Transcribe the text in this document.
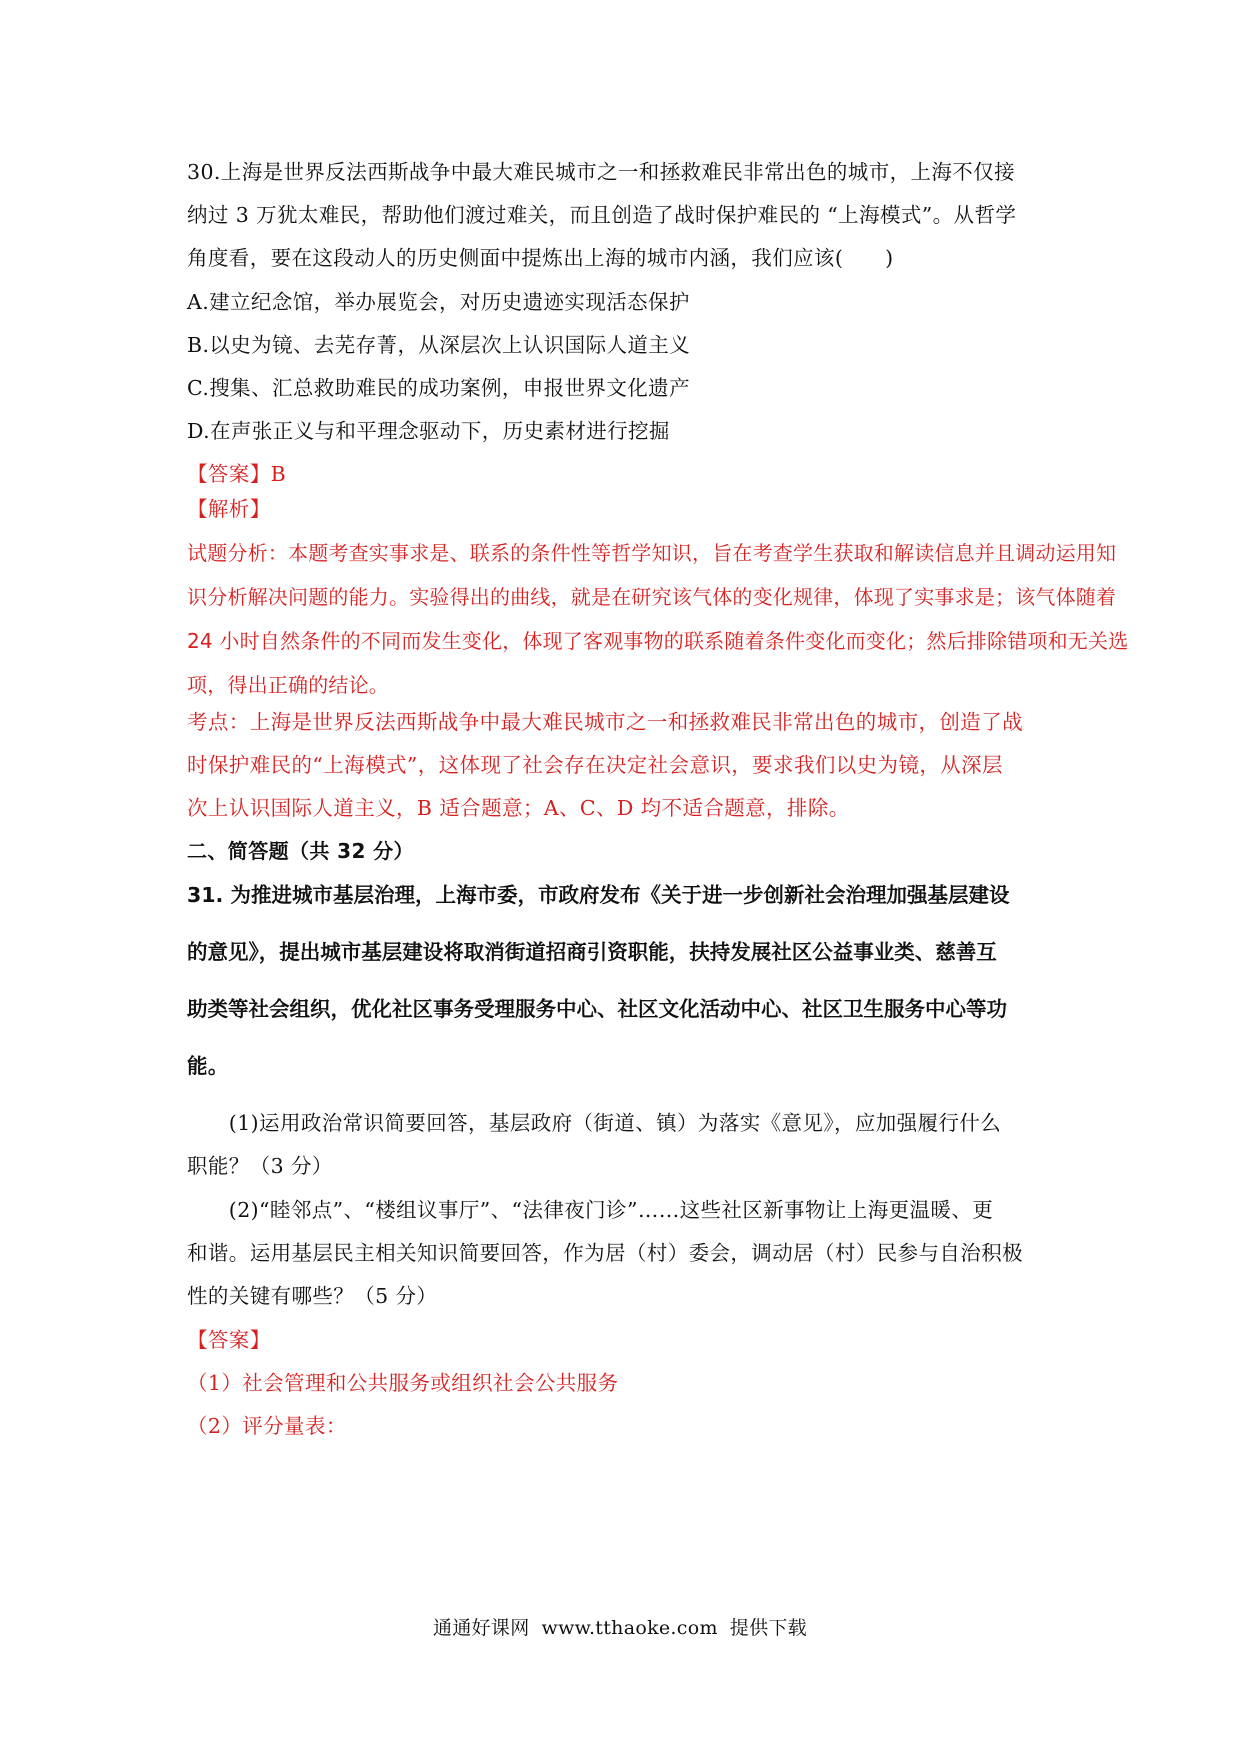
30.上海是世界反法西斯战争中最大难民城市之一和拯救难民非常出色的城市，上海不仅接
纳过 3 万犹太难民，帮助他们渡过难关，而且创造了战时保护难民的 “上海模式”。从哲学
角度看，要在这段动人的历史侧面中提炼出上海的城市内涵，我们应该(　　)
A.建立纪念馆，举办展览会，对历史遗迹实现活态保护
B.以史为镜、去芜存菁，从深层次上认识国际人道主义
C.搜集、汇总救助难民的成功案例，申报世界文化遗产
D.在声张正义与和平理念驱动下，历史素材进行挖掘
【答案】B
【解析】
试题分析：本题考查实事求是、联系的条件性等哲学知识，旨在考查学生获取和解读信息并且调动运用知
识分析解决问题的能力。实验得出的曲线，就是在研究该气体的变化规律，体现了实事求是；该气体随着
24 小时自然条件的不同而发生变化，体现了客观事物的联系随着条件变化而变化；然后排除错项和无关选
项，得出正确的结论。
考点：上海是世界反法西斯战争中最大难民城市之一和拯救难民非常出色的城市，创造了战
时保护难民的“上海模式”，这体现了社会存在决定社会意识，要求我们以史为镜，从深层
次上认识国际人道主义，B 适合题意；A、C、D 均不适合题意，排除。
二、简答题（共 32 分）
31. 为推进城市基层治理，上海市委，市政府发布《关于进一步创新社会治理加强基层建设
的意见》，提出城市基层建设将取消街道招商引资职能，扶持发展社区公益事业类、慈善互
助类等社会组织，优化社区事务受理服务中心、社区文化活动中心、社区卫生服务中心等功
能。
　　(1)运用政治常识简要回答，基层政府（街道、镇）为落实《意见》，应加强履行什么
职能？（3 分）
　　(2)“睦邻点”、“楼组议事厅”、“法律夜门诊”……这些社区新事物让上海更温暖、更
和谐。运用基层民主相关知识简要回答，作为居（村）委会，调动居（村）民参与自治积极
性的关键有哪些？（5 分）
【答案】
（1）社会管理和公共服务或组织社会公共服务
（2）评分量表：
通通好课网 www.tthaoke.com 提供下载
